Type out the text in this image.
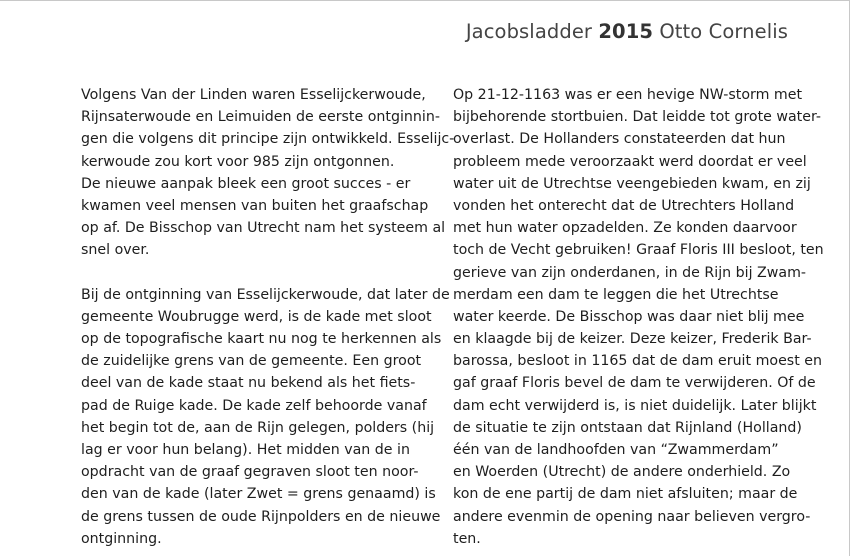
Jacobsladder 2015 Otto Cornelis
Volgens Van der Linden waren Esselijckerwoude,
Rijnsaterwoude en Leimuiden de eerste ontginnin-
gen die volgens dit principe zijn ontwikkeld. Esselijc-
kerwoude zou kort voor 985 zijn ontgonnen.
De nieuwe aanpak bleek een groot succes - er
kwamen veel mensen van buiten het graafschap
op af. De Bisschop van Utrecht nam het systeem al
snel over.
Bij de ontginning van Esselijckerwoude, dat later de
gemeente Woubrugge werd, is de kade met sloot
op de topografische kaart nu nog te herkennen als
de zuidelijke grens van de gemeente. Een groot
deel van de kade staat nu bekend als het fiets-
pad de Ruige kade. De kade zelf behoorde vanaf
het begin tot de, aan de Rijn gelegen, polders (hij
lag er voor hun belang). Het midden van de in
opdracht van de graaf gegraven sloot ten noor-
den van de kade (later Zwet = grens genaamd) is
de grens tussen de oude Rijnpolders en de nieuwe
ontginning.
Op 21-12-1163 was er een hevige NW-storm met
bijbehorende stortbuien. Dat leidde tot grote water-
overlast. De Hollanders constateerden dat hun
probleem mede veroorzaakt werd doordat er veel
water uit de Utrechtse veengebieden kwam, en zij
vonden het onterecht dat de Utrechters Holland
met hun water opzadelden. Ze konden daarvoor
toch de Vecht gebruiken! Graaf Floris III besloot, ten
gerieve van zijn onderdanen, in de Rijn bij Zwam-
merdam een dam te leggen die het Utrechtse
water keerde. De Bisschop was daar niet blij mee
en klaagde bij de keizer. Deze keizer, Frederik Bar-
barossa, besloot in 1165 dat de dam eruit moest en
gaf graaf Floris bevel de dam te verwijderen. Of de
dam echt verwijderd is, is niet duidelijk. Later blijkt
de situatie te zijn ontstaan dat Rijnland (Holland)
één van de landhoofden van “Zwammerdam”
en Woerden (Utrecht) de andere onderhield. Zo
kon de ene partij de dam niet afsluiten; maar de
andere evenmin de opening naar believen vergro-
ten.
